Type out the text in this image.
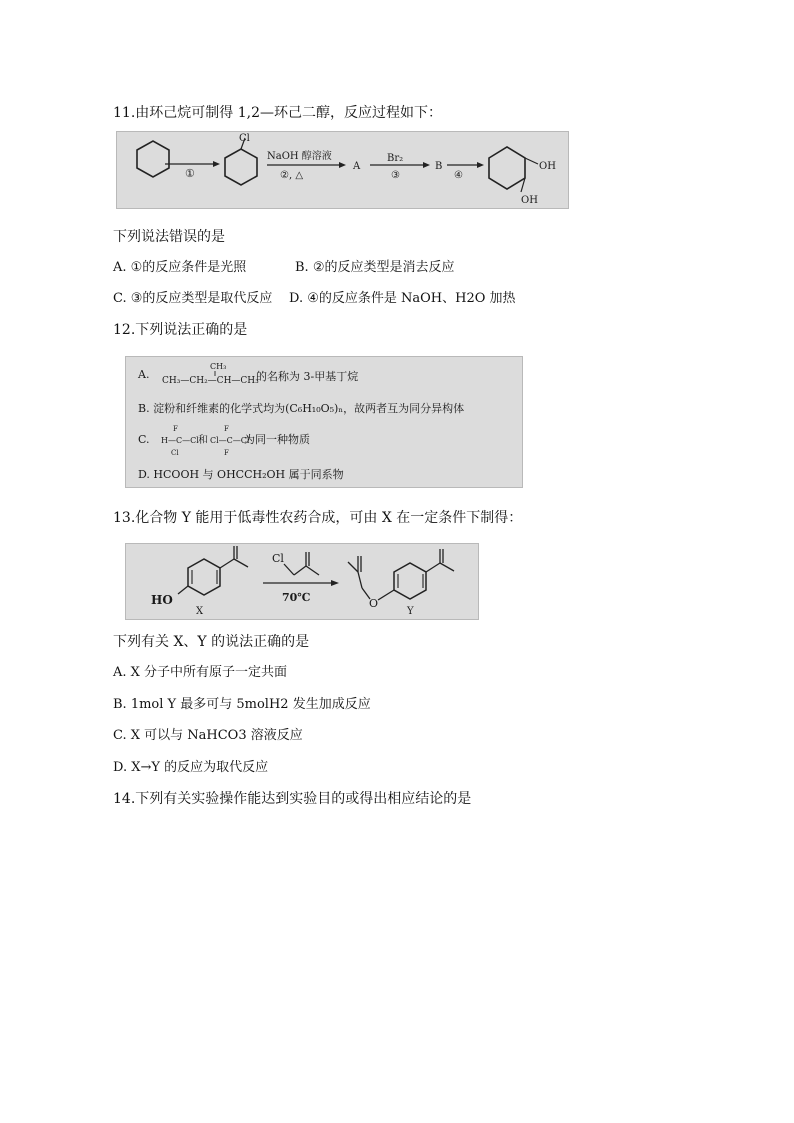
11.由环己烷可制得 1,2—环己二醇，反应过程如下：
①
Cl
NaOH 醇溶液
②, △
A
Br₂
③
B
④
OH
OH
下列说法错误的是
A. ①的反应条件是光照	B. ②的反应类型是消去反应
C. ③的反应类型是取代反应 D. ④的反应条件是 NaOH、H2O 加热
12.下列说法正确的是
A.
CH₃
CH₃—CH₂—CH—CH₃
的名称为 3-甲基丁烷
B. 淀粉和纤维素的化学式均为(C₆H₁₀O₅)ₙ，故两者互为同分异构体
C.
F
H—C—Cl
Cl
和
F
Cl—C—Cl
F
为同一种物质
D. HCOOH 与 OHCCH₂OH 属于同系物
13.化合物 Y 能用于低毒性农药合成，可由 X 在一定条件下制得：
HO
X
Cl
70℃	O
Y
下列有关 X、Y 的说法正确的是
A. X 分子中所有原子一定共面
B. 1mol Y 最多可与 5molH2 发生加成反应
C. X 可以与 NaHCO3 溶液反应
D. X→Y 的反应为取代反应
14.下列有关实验操作能达到实验目的或得出相应结论的是
